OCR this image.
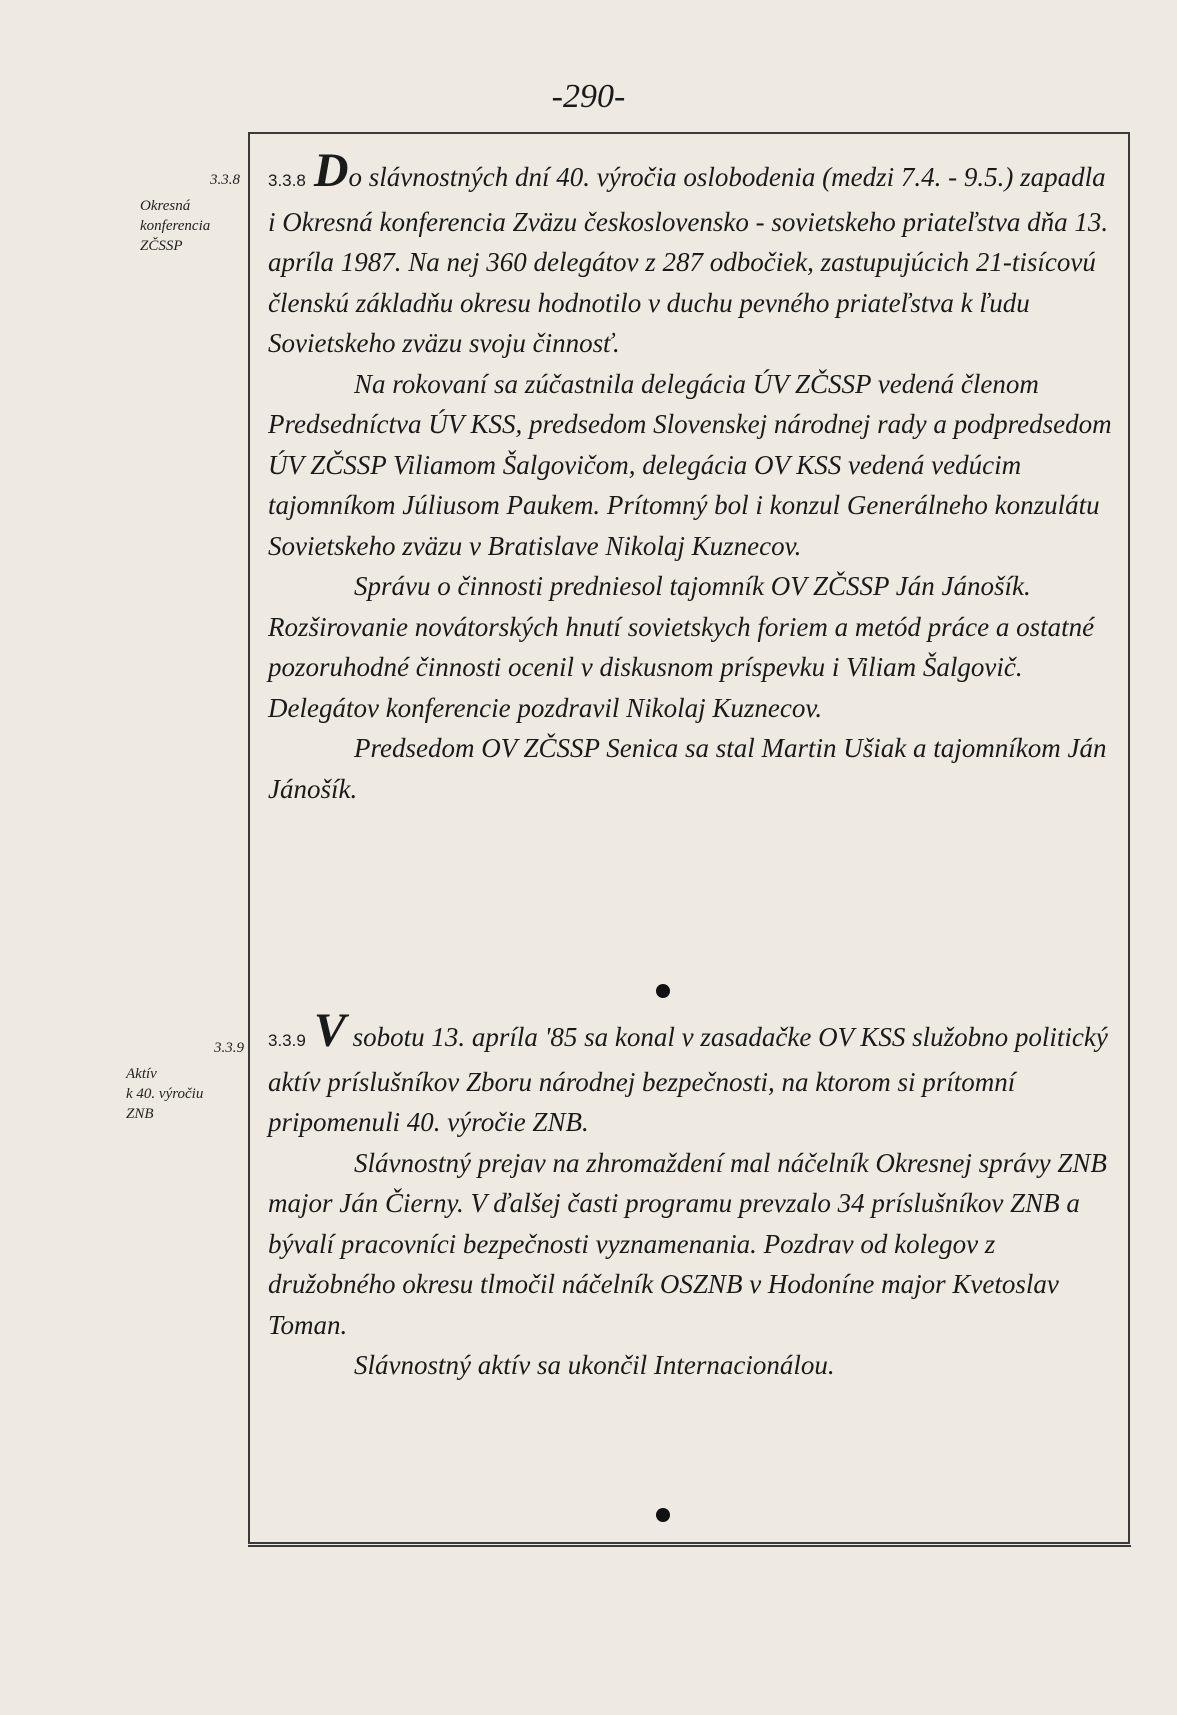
-290-
3.3.8
Okresná
konferencia
ZČSSP
3.3.9
Aktív
k 40. výročiu
ZNB

3.3.8 Do slávnostných dní 40. výročia oslobodenia (medzi 7.4. - 9.5.) zapadla i Okresná konferencia Zväzu československo - sovietskeho priateľstva dňa 13. apríla 1987. Na nej 360 delegátov z 287 odbočiek, zastupujúcich 21-tisícovú členskú základňu okresu hodnotilo v duchu pevného priateľstva k ľudu Sovietskeho zväzu svoju činnosť.

Na rokovaní sa zúčastnila delegácia ÚV ZČSSP vedená členom Predsedníctva ÚV KSS, predsedom Slovenskej národnej rady a podpredsedom ÚV ZČSSP Viliamom Šalgovičom, delegácia OV KSS vedená vedúcim tajomníkom Júliusom Paukem. Prítomný bol i konzul Generálneho konzulátu Sovietskeho zväzu v Bratislave Nikolaj Kuznecov.

Správu o činnosti predniesol tajomník OV ZČSSP Ján Jánošík. Rozširovanie novátorských hnutí sovietskych foriem a metód práce a ostatné pozoruhodné činnosti ocenil v diskusnom príspevku i Viliam Šalgovič. Delegátov konferencie pozdravil Nikolaj Kuznecov.

Predsedom OV ZČSSP Senica sa stal Martin Ušiak a tajomníkom Ján Jánošík.

3.3.9 V sobotu 13. apríla '85 sa konal v zasadačke OV KSS služobno politický aktív príslušníkov Zboru národnej bezpečnosti, na ktorom si prítomní pripomenuli 40. výročie ZNB.

Slávnostný prejav na zhromaždení mal náčelník Okresnej správy ZNB major Ján Čierny. V ďalšej časti programu prevzalo 34 príslušníkov ZNB a bývalí pracovníci bezpečnosti vyznamenania. Pozdrav od kolegov z družobného okresu tlmočil náčelník OSZNB v Hodoníne major Kvetoslav Toman.

Slávnostný aktív sa ukončil Internacionálou.
